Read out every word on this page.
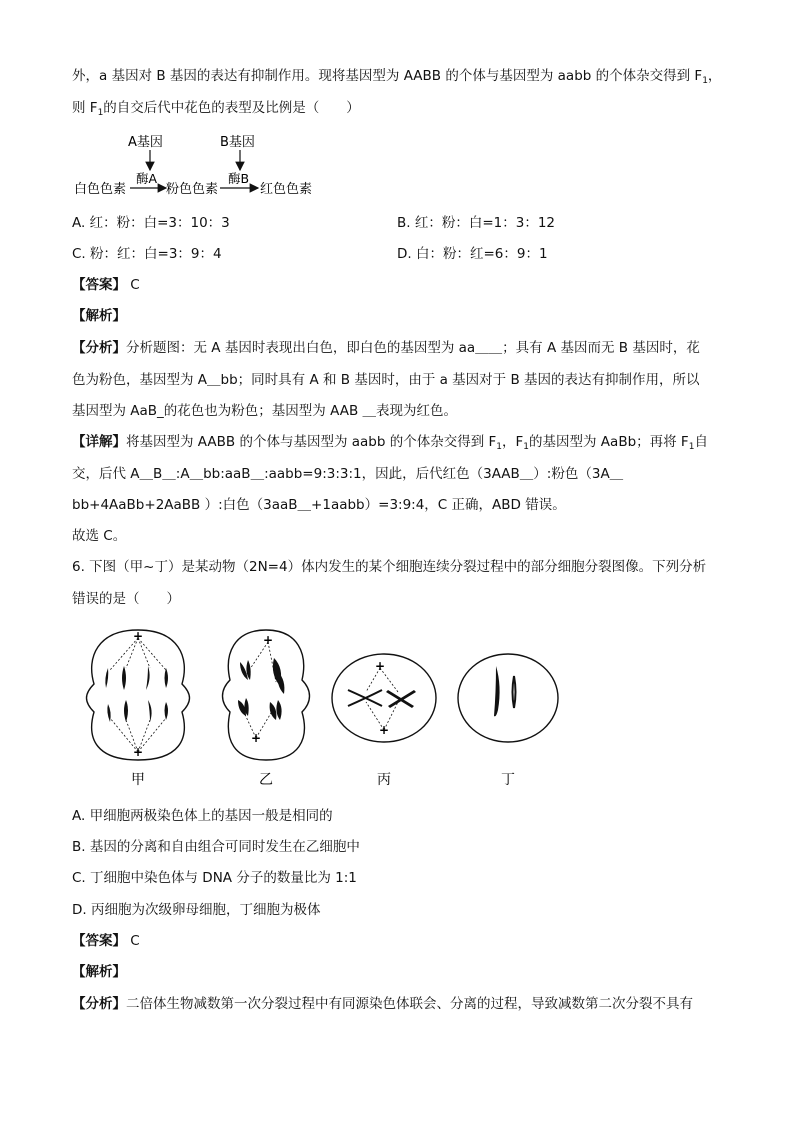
外，a 基因对 B 基因的表达有抑制作用。现将基因型为 AABB 的个体与基因型为 aabb 的个体杂交得到 $F_1$，
则 $F_1$的自交后代中花色的表型及比例是（　　）
A基因	B基因
酶A	酶B
白色色素	粉色色素	红色色素
A. 红：粉：白=3：10：3	B. 红：粉：白=1：3：12
C. 粉：红：白=3：9：4	D. 白：粉：红=6：9：1
【答案】 C
【解析】
【分析】分析题图：无 A 基因时表现出白色，即白色的基因型为 aa＿＿；具有 A 基因而无 B 基因时，花
色为粉色，基因型为 A＿bb；同时具有 A 和 B 基因时，由于 a 基因对于 B 基因的表达有抑制作用，所以
基因型为 AaB_的花色也为粉色；基因型为 AAB ＿表现为红色。
【详解】将基因型为 AABB 的个体与基因型为 aabb 的个体杂交得到 $F_1$，$F_1$的基因型为 AaBb；再将 $F_1$自
交，后代 A＿B＿:A＿bb:aaB＿:aabb=9:3:3:1，因此，后代红色（3AAB＿）:粉色（3A＿
bb+4AaBb+2AaBB ）:白色（3aaB＿+1aabb）=3:9:4，C 正确，ABD 错误。
故选 C。
6. 下图（甲~丁）是某动物（2N=4）体内发生的某个细胞连续分裂过程中的部分细胞分裂图像。下列分析
错误的是（　　）
+
+
甲
+
+
乙
+
+
丙	丁
A. 甲细胞两极染色体上的基因一般是相同的
B. 基因的分离和自由组合可同时发生在乙细胞中
C. 丁细胞中染色体与 DNA 分子的数量比为 1:1
D. 丙细胞为次级卵母细胞，丁细胞为极体
【答案】 C
【解析】
【分析】二倍体生物减数第一次分裂过程中有同源染色体联会、分离的过程，导致减数第二次分裂不具有
